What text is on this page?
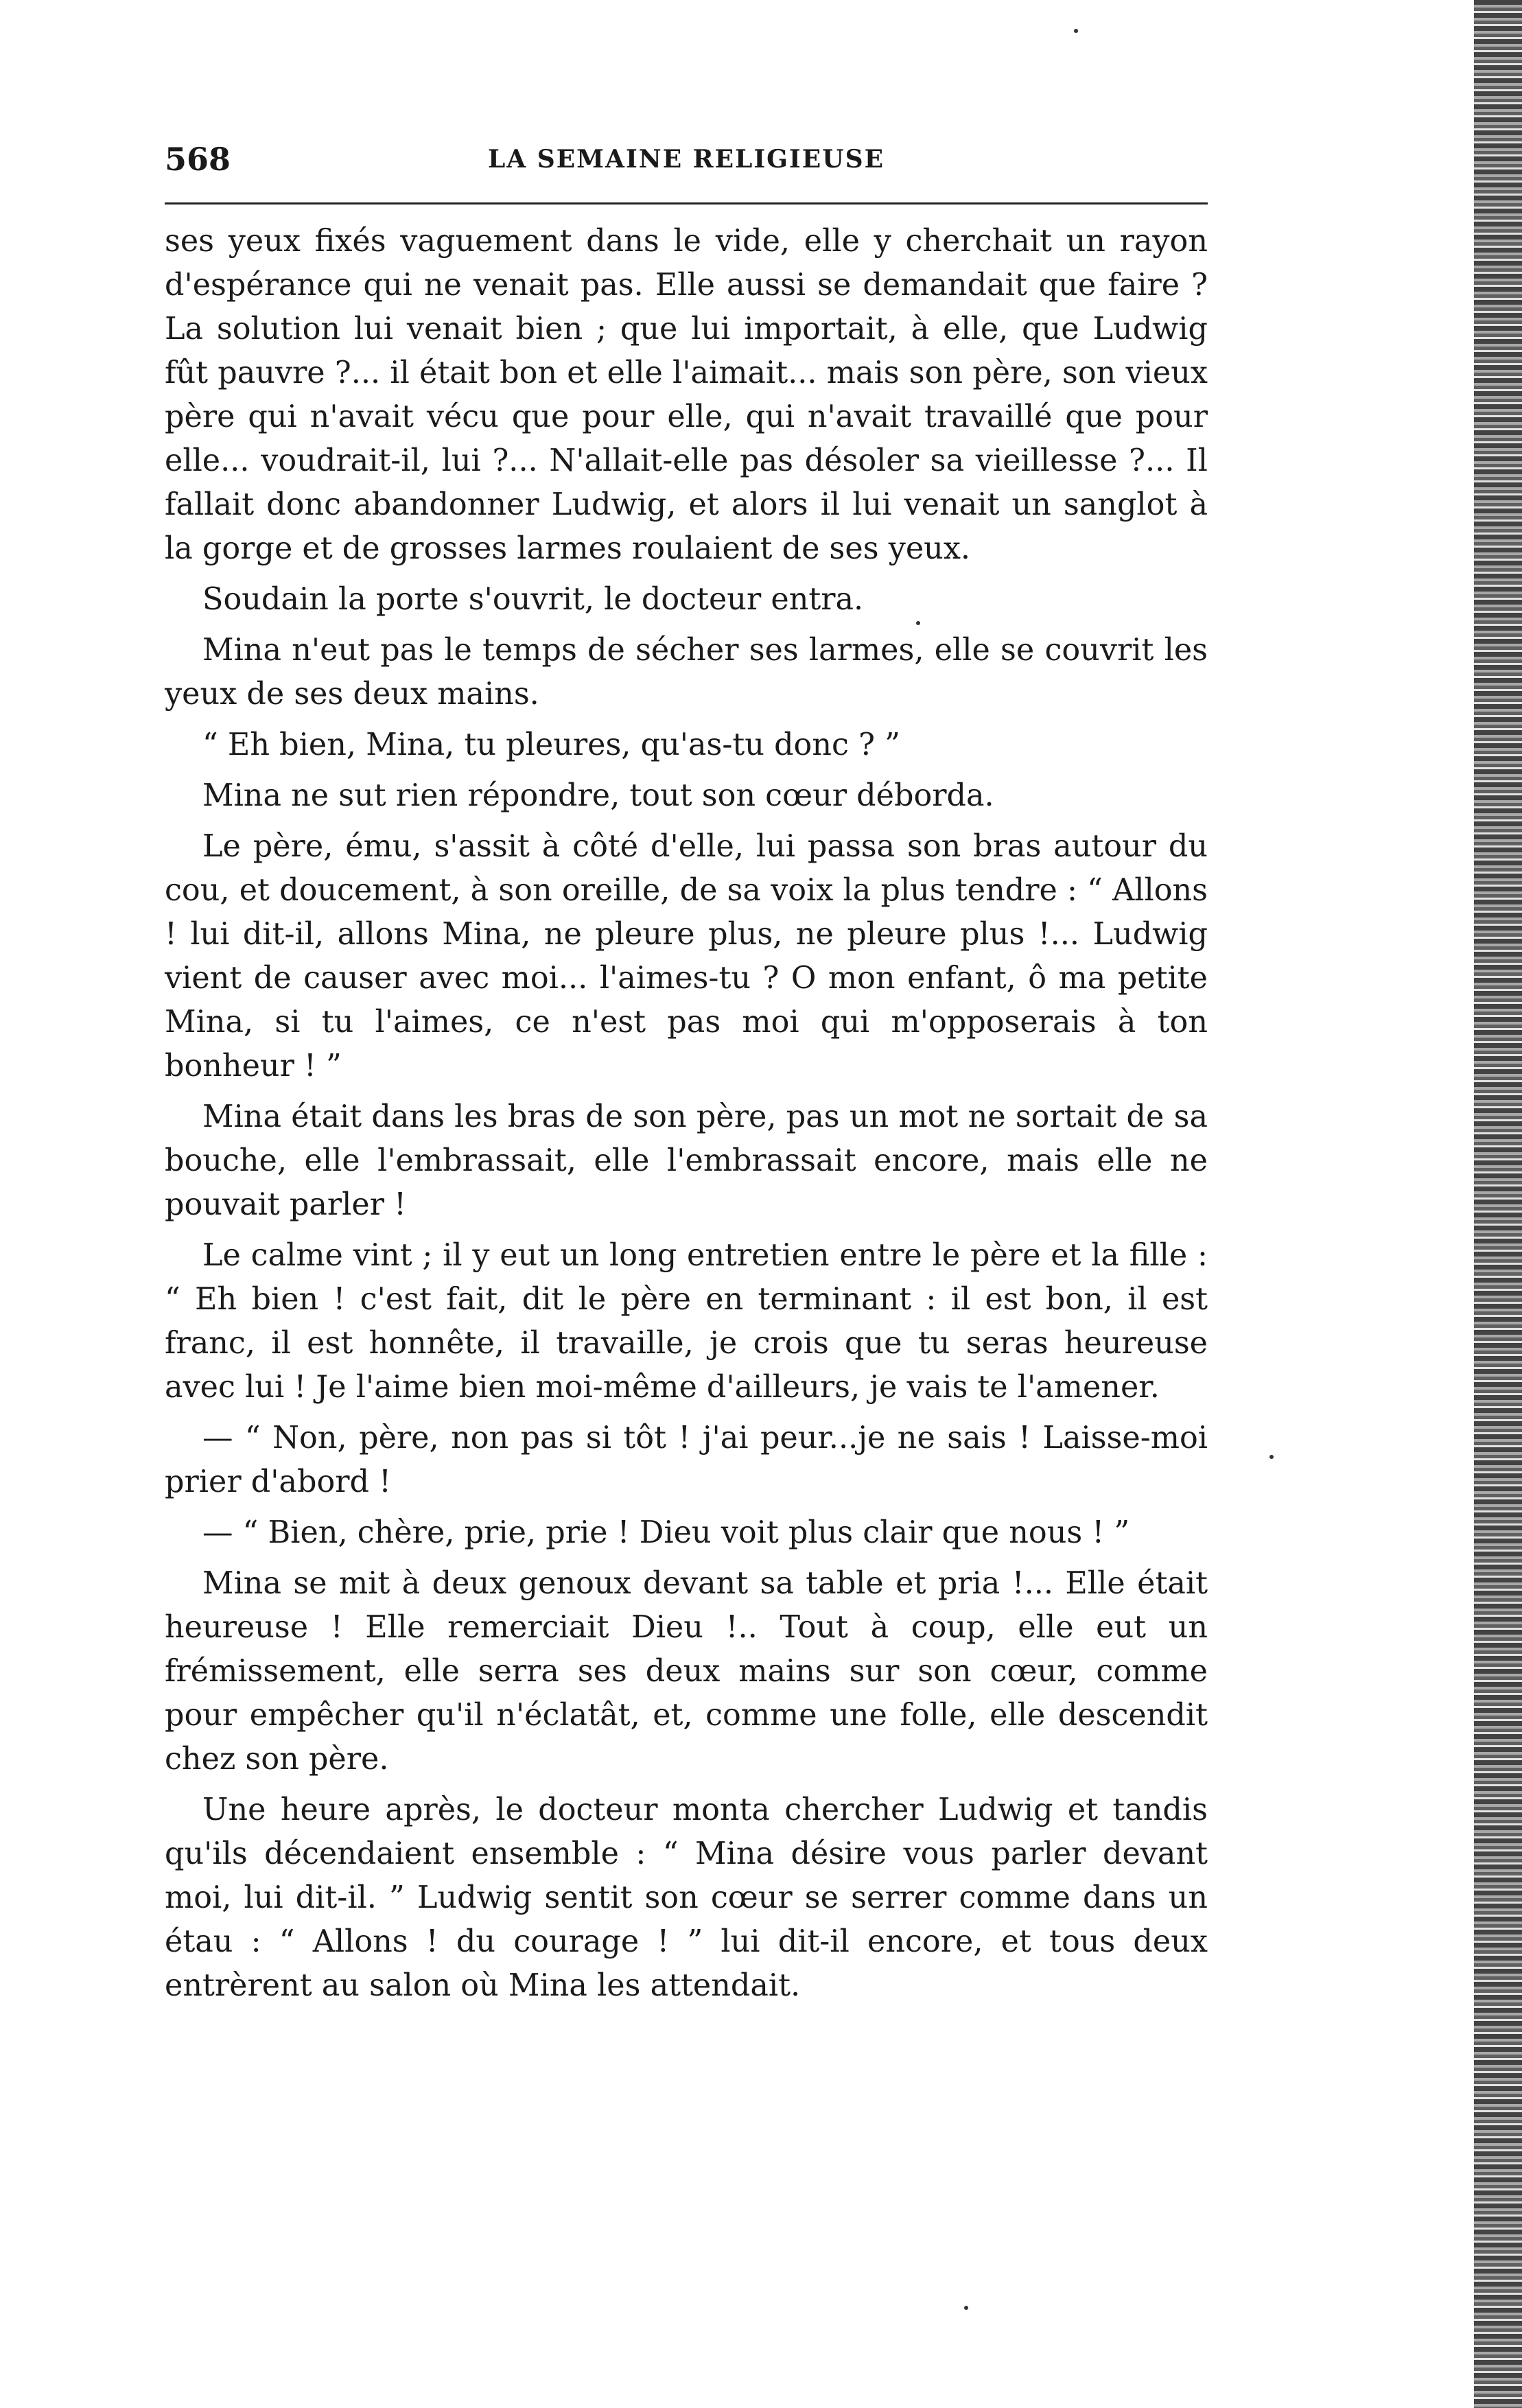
568	LA SEMAINE RELIGIEUSE

ses yeux fixés vaguement dans le vide, elle y cherchait un rayon d'espérance qui ne venait pas. Elle aussi se demandait que faire ? La solution lui venait bien ; que lui importait, à elle, que Ludwig fût pauvre ?... il était bon et elle l'aimait... mais son père, son vieux père qui n'avait vécu que pour elle, qui n'avait travaillé que pour elle... voudrait-il, lui ?... N'allait-elle pas désoler sa vieillesse ?... Il fallait donc abandonner Ludwig, et alors il lui venait un sanglot à la gorge et de grosses larmes roulaient de ses yeux.

Soudain la porte s'ouvrit, le docteur entra.

Mina n'eut pas le temps de sécher ses larmes, elle se couvrit les yeux de ses deux mains.

“ Eh bien, Mina, tu pleures, qu'as-tu donc ? ”

Mina ne sut rien répondre, tout son cœur déborda.

Le père, ému, s'assit à côté d'elle, lui passa son bras autour du cou, et doucement, à son oreille, de sa voix la plus tendre : “ Allons ! lui dit-il, allons Mina, ne pleure plus, ne pleure plus !... Ludwig vient de causer avec moi... l'aimes-tu ? O mon enfant, ô ma petite Mina, si tu l'aimes, ce n'est pas moi qui m'opposerais à ton bonheur ! ”

Mina était dans les bras de son père, pas un mot ne sortait de sa bouche, elle l'embrassait, elle l'embrassait encore, mais elle ne pouvait parler !

Le calme vint ; il y eut un long entretien entre le père et la fille : “ Eh bien ! c'est fait, dit le père en terminant : il est bon, il est franc, il est honnête, il travaille, je crois que tu seras heureuse avec lui ! Je l'aime bien moi-même d'ailleurs, je vais te l'amener.

— “ Non, père, non pas si tôt ! j'ai peur...je ne sais ! Laisse-moi prier d'abord !

— “ Bien, chère, prie, prie ! Dieu voit plus clair que nous ! ”

Mina se mit à deux genoux devant sa table et pria !... Elle était heureuse ! Elle remerciait Dieu !.. Tout à coup, elle eut un frémissement, elle serra ses deux mains sur son cœur, comme pour empêcher qu'il n'éclatât, et, comme une folle, elle descendit chez son père.

Une heure après, le docteur monta chercher Ludwig et tandis qu'ils décendaient ensemble : “ Mina désire vous parler devant moi, lui dit-il. ” Ludwig sentit son cœur se serrer comme dans un étau : “ Allons ! du courage ! ” lui dit-il encore, et tous deux entrèrent au salon où Mina les attendait.
